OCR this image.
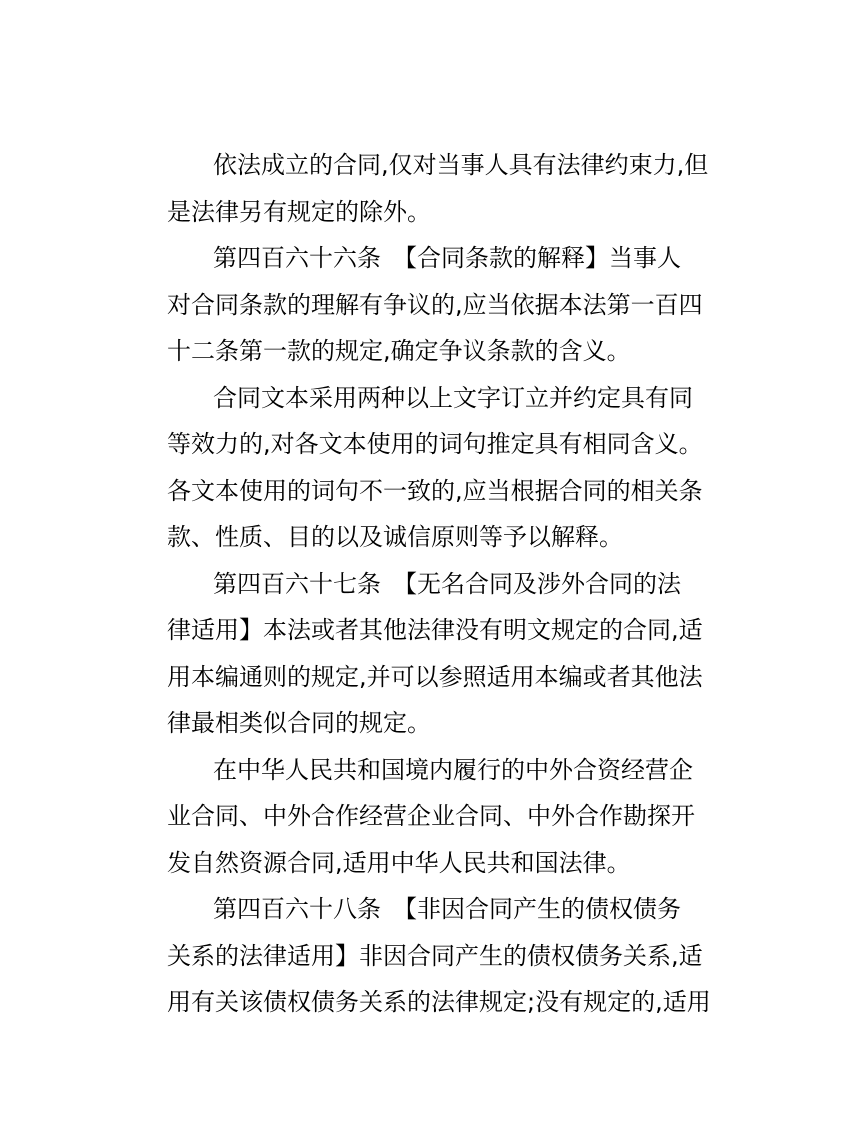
依法成立的合同,仅对当事人具有法律约束力,但
是法律另有规定的除外。
第四百六十六条　【合同条款的解释】当事人
对合同条款的理解有争议的,应当依据本法第一百四
十二条第一款的规定,确定争议条款的含义。
合同文本采用两种以上文字订立并约定具有同
等效力的,对各文本使用的词句推定具有相同含义。
各文本使用的词句不一致的,应当根据合同的相关条
款、性质、目的以及诚信原则等予以解释。
第四百六十七条　【无名合同及涉外合同的法
律适用】本法或者其他法律没有明文规定的合同,适
用本编通则的规定,并可以参照适用本编或者其他法
律最相类似合同的规定。
在中华人民共和国境内履行的中外合资经营企
业合同、中外合作经营企业合同、中外合作勘探开
发自然资源合同,适用中华人民共和国法律。
第四百六十八条　【非因合同产生的债权债务
关系的法律适用】非因合同产生的债权债务关系,适
用有关该债权债务关系的法律规定;没有规定的,适用
